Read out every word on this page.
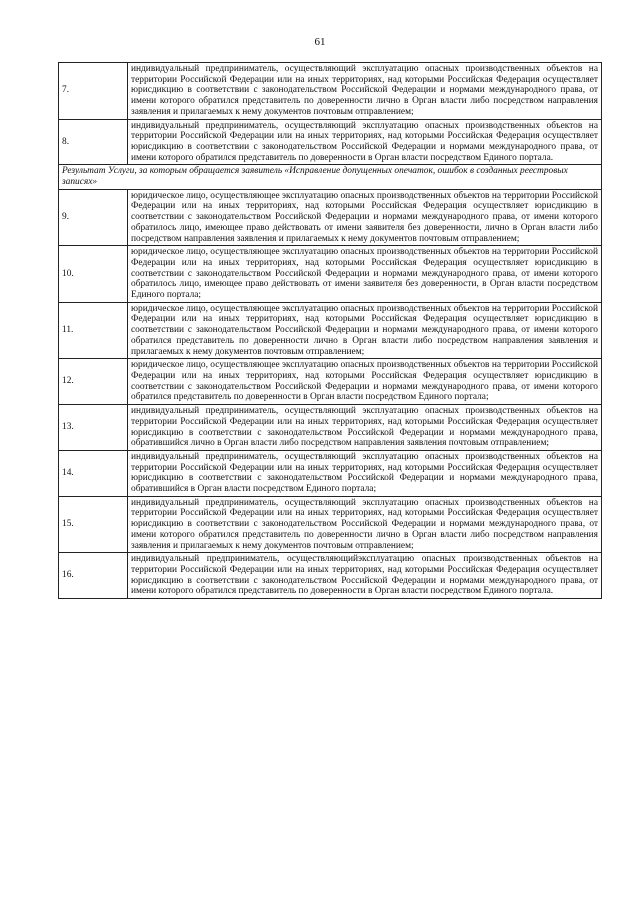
61
7.	индивидуальный предприниматель, осуществляющий эксплуатацию опасных производственных объектов на территории Российской Федерации или на иных территориях, над которыми Российская Федерация осуществляет юрисдикцию в соответствии с законодательством Российской Федерации и нормами международного права, от имени которого обратился представитель по доверенности лично в Орган власти либо посредством направления заявления и прилагаемых к нему документов почтовым отправлением;
8.	индивидуальный предприниматель, осуществляющий эксплуатацию опасных производственных объектов на территории Российской Федерации или на иных территориях, над которыми Российская Федерация осуществляет юрисдикцию в соответствии с законодательством Российской Федерации и нормами международного права, от имени которого обратился представитель по доверенности в Орган власти посредством Единого портала.
Результат Услуги, за которым обращается заявитель «Исправление допущенных опечаток, ошибок в созданных реестровых записях»	
9.	юридическое лицо, осуществляющее эксплуатацию опасных производственных объектов на территории Российской Федерации или на иных территориях, над которыми Российская Федерация осуществляет юрисдикцию в соответствии с законодательством Российской Федерации и нормами международного права, от имени которого обратилось лицо, имеющее право действовать от имени заявителя без доверенности, лично в Орган власти либо посредством направления заявления и прилагаемых к нему документов почтовым отправлением;
10.	юридическое лицо, осуществляющее эксплуатацию опасных производственных объектов на территории Российской Федерации или на иных территориях, над которыми Российская Федерация осуществляет юрисдикцию в соответствии с законодательством Российской Федерации и нормами международного права, от имени которого обратилось лицо, имеющее право действовать от имени заявителя без доверенности, в Орган власти посредством Единого портала;
11.	юридическое лицо, осуществляющее эксплуатацию опасных производственных объектов на территории Российской Федерации или на иных территориях, над которыми Российская Федерация осуществляет юрисдикцию в соответствии с законодательством Российской Федерации и нормами международного права, от имени которого обратился представитель по доверенности лично в Орган власти либо посредством направления заявления и прилагаемых к нему документов почтовым отправлением;
12.	юридическое лицо, осуществляющее эксплуатацию опасных производственных объектов на территории Российской Федерации или на иных территориях, над которыми Российская Федерация осуществляет юрисдикцию в соответствии с законодательством Российской Федерации и нормами международного права, от имени которого обратился представитель по доверенности в Орган власти посредством Единого портала;
13.	индивидуальный предприниматель, осуществляющий эксплуатацию опасных производственных объектов на территории Российской Федерации или на иных территориях, над которыми Российская Федерация осуществляет юрисдикцию в соответствии с законодательством Российской Федерации и нормами международного права, обратившийся лично в Орган власти либо посредством направления заявления почтовым отправлением;
14.	индивидуальный предприниматель, осуществляющий эксплуатацию опасных производственных объектов на территории Российской Федерации или на иных территориях, над которыми Российская Федерация осуществляет юрисдикцию в соответствии с законодательством Российской Федерации и нормами международного права, обратившийся в Орган власти посредством Единого портала;
15.	индивидуальный предприниматель, осуществляющий эксплуатацию опасных производственных объектов на территории Российской Федерации или на иных территориях, над которыми Российская Федерация осуществляет юрисдикцию в соответствии с законодательством Российской Федерации и нормами международного права, от имени которого обратился представитель по доверенности лично в Орган власти либо посредством направления заявления и прилагаемых к нему документов почтовым отправлением;
16.	индивидуальный предприниматель, осуществляющийэксплуатацию опасных производственных объектов на территории Российской Федерации или на иных территориях, над которыми Российская Федерация осуществляет юрисдикцию в соответствии с законодательством Российской Федерации и нормами международного права, от имени которого обратился представитель по доверенности в Орган власти посредством Единого портала.
